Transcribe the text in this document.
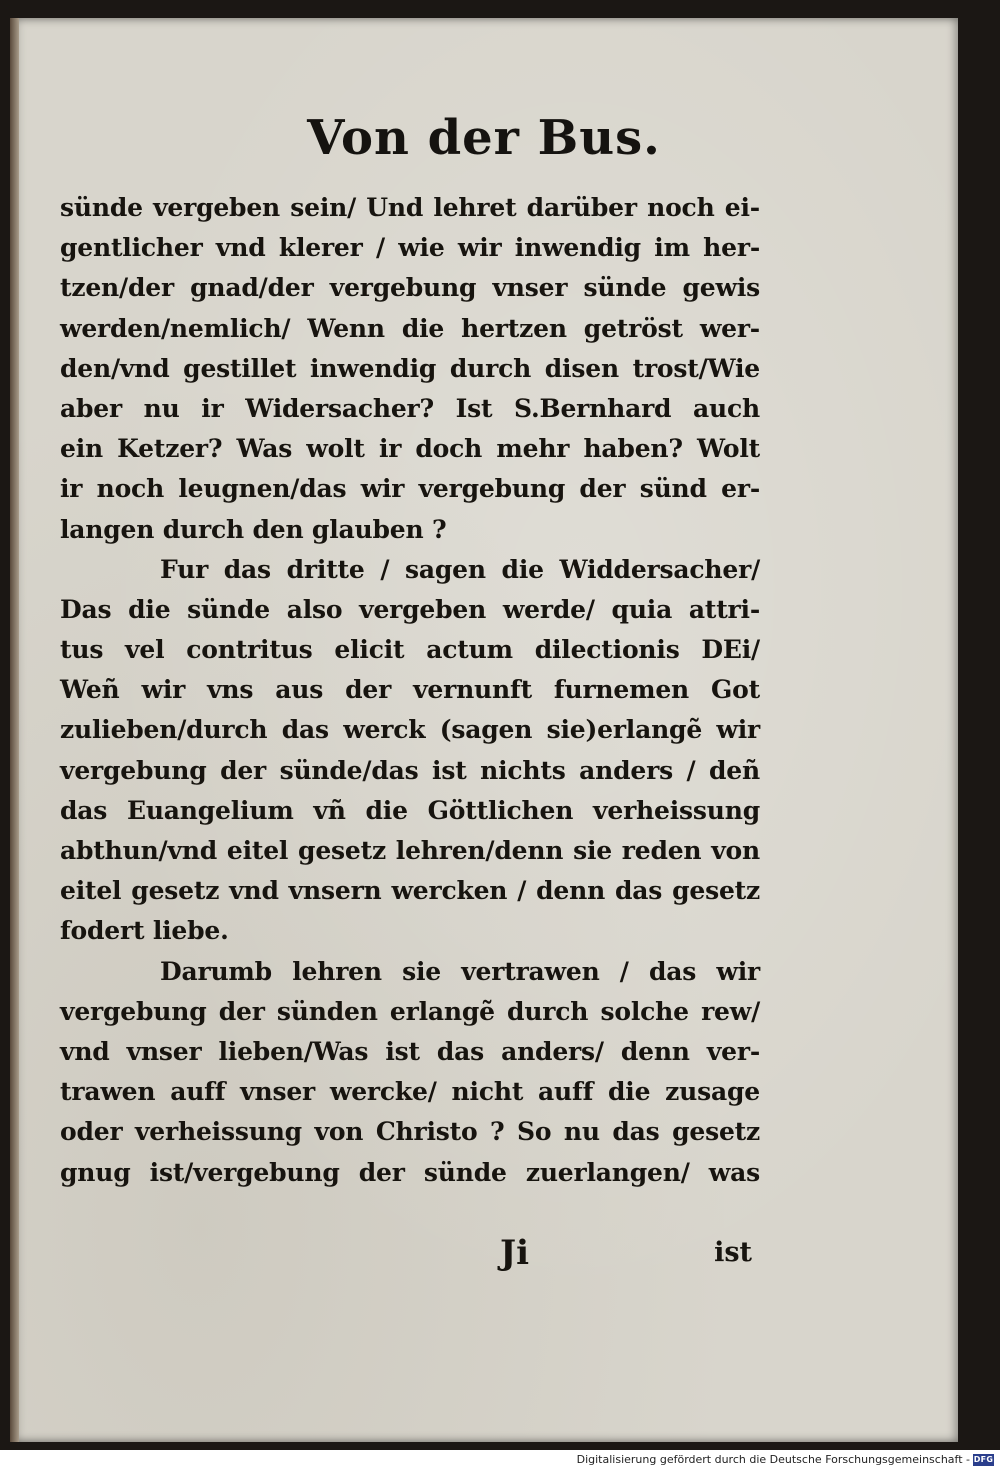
Von der Bus.
sünde vergeben sein/ Und lehret darüber noch ei-
gentlicher vnd klerer / wie wir inwendig im her-
tzen/der gnad/der vergebung vnser sünde gewis
werden/nemlich/ Wenn die hertzen getröst wer-
den/vnd gestillet inwendig durch disen trost/Wie
aber nu ir Widersacher? Ist S.Bernhard auch
ein Ketzer? Was wolt ir doch mehr haben? Wolt
ir noch leugnen/das wir vergebung der sünd er-
langen durch den glauben ?
Fur das dritte / sagen die Widdersacher/
Das die sünde also vergeben werde/ quia attri-
tus vel contritus elicit actum dilectionis DEi/
Weñ wir vns aus der vernunft furnemen Got
zulieben/durch das werck (sagen sie)erlangẽ wir
vergebung der sünde/das ist nichts anders / deñ
das Euangelium vñ die Göttlichen verheissung
abthun/vnd eitel gesetz lehren/denn sie reden von
eitel gesetz vnd vnsern wercken / denn das gesetz
fodert liebe.
Darumb lehren sie vertrawen / das wir
vergebung der sünden erlangẽ durch solche rew/
vnd vnser lieben/Was ist das anders/ denn ver-
trawen auff vnser wercke/ nicht auff die zusage
oder verheissung von Christo ? So nu das gesetz
gnug ist/vergebung der sünde zuerlangen/ was
Ji	ist
Digitalisierung gefördert durch die Deutsche Forschungsgemeinschaft - DFG
